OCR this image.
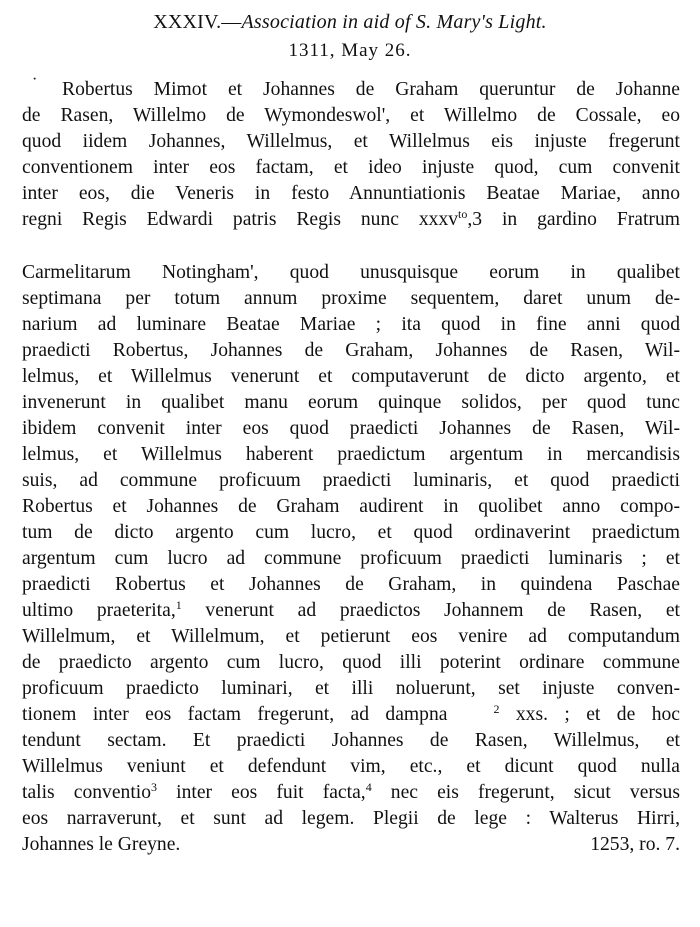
XXXIV.—Association in aid of S. Mary's Light.
1311, May 26.
·	Robertus Mimot et Johannes de Graham queruntur de Johanne
de Rasen, Willelmo de Wymondeswol', et Willelmo de Cossale, eo
quod iidem Johannes, Willelmus, et Willelmus eis injuste fregerunt
conventionem inter eos factam, et ideo injuste quod, cum convenit
inter eos, die Veneris in festo Annuntiationis Beatae Mariae, anno
regni Regis Edwardi patris Regis nunc xxxv$^{to}$,3 in gardino Fratrum
Carmelitarum Notingham', quod unusquisque eorum in qualibet
septimana per totum annum proxime sequentem, daret unum de-
narium ad luminare Beatae Mariae ; ita quod in fine anni quod
praedicti Robertus, Johannes de Graham, Johannes de Rasen, Wil-
lelmus, et Willelmus venerunt et computaverunt de dicto argento, et
invenerunt in qualibet manu eorum quinque solidos, per quod tunc
ibidem convenit inter eos quod praedicti Johannes de Rasen, Wil-
lelmus, et Willelmus haberent praedictum argentum in mercandisis
suis, ad commune proficuum praedicti luminaris, et quod praedicti
Robertus et Johannes de Graham audirent in quolibet anno compo-
tum de dicto argento cum lucro, et quod ordinaverint praedictum
argentum cum lucro ad commune proficuum praedicti luminaris ; et
praedicti Robertus et Johannes de Graham, in quindena Paschae
ultimo praeterita,$^1$ venerunt ad praedictos Johannem de Rasen, et
Willelmum, et Willelmum, et petierunt eos venire ad computandum
de praedicto argento cum lucro, quod illi poterint ordinare commune
proficuum praedicto luminari, et illi noluerunt, set injuste conven-
tionem inter eos factam fregerunt, ad dampna	$^2$ xxs. ; et de hoc
tendunt sectam. Et praedicti Johannes de Rasen, Willelmus, et
Willelmus veniunt et defendunt vim, etc., et dicunt quod nulla
talis conventio$^3$ inter eos fuit facta,$^4$ nec eis fregerunt, sicut versus
eos narraverunt, et sunt ad legem. Plegii de lege : Walterus Hirri,
Johannes le Greyne.	1253, ro. 7.
